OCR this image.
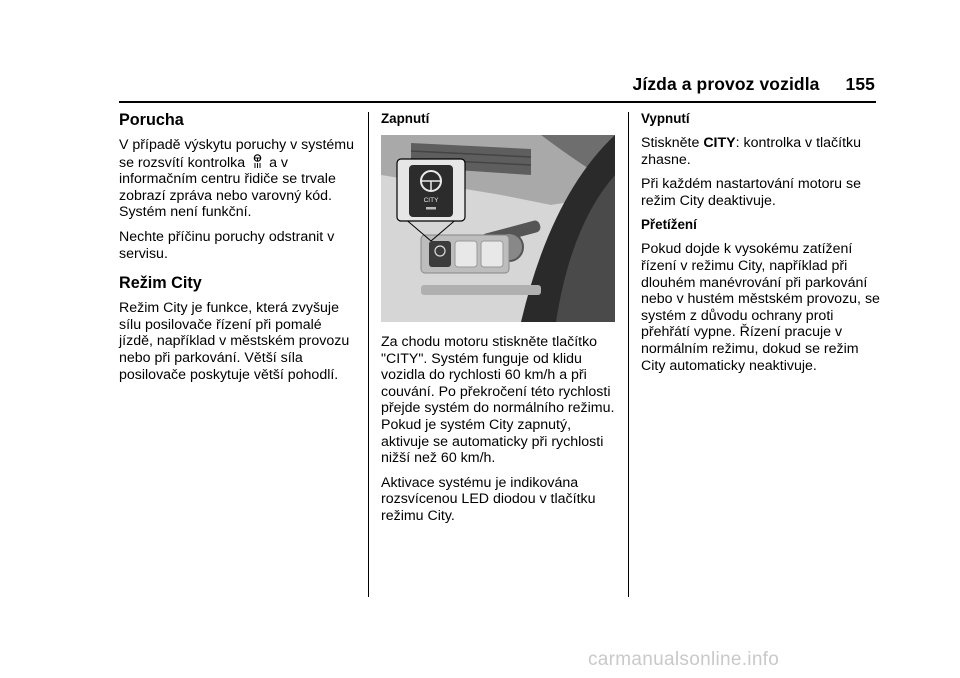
Jízda a provoz vozidla 155
Porucha

V případě výskytu poruchy v systému se rozsvítí kontrolka a v informačním centru řidiče se trvale zobrazí zpráva nebo varovný kód. Systém není funkční.

Nechte příčinu poruchy odstranit v servisu.

Režim City

Režim City je funkce, která zvyšuje sílu posilovače řízení při pomalé jízdě, například v městském provozu nebo při parkování. Větší síla posilovače poskytuje větší pohodlí.

Zapnutí
CITY

Za chodu motoru stiskněte tlačítko "CITY". Systém funguje od klidu vozidla do rychlosti 60 km/h a při couvání. Po překročení této rychlosti přejde systém do normálního režimu. Pokud je systém City zapnutý, aktivuje se automaticky při rychlosti nižší než 60 km/h.

Aktivace systému je indikována rozsvícenou LED diodou v tlačítku režimu City.

Vypnutí

Stiskněte CITY: kontrolka v tlačítku zhasne.

Při každém nastartování motoru se režim City deaktivuje.

Přetížení

Pokud dojde k vysokému zatížení řízení v režimu City, například při dlouhém manévrování při parkování nebo v hustém městském provozu, se systém z důvodu ochrany proti přehřátí vypne. Řízení pracuje v normálním režimu, dokud se režim City automaticky neaktivuje.

carmanualsonline.info
